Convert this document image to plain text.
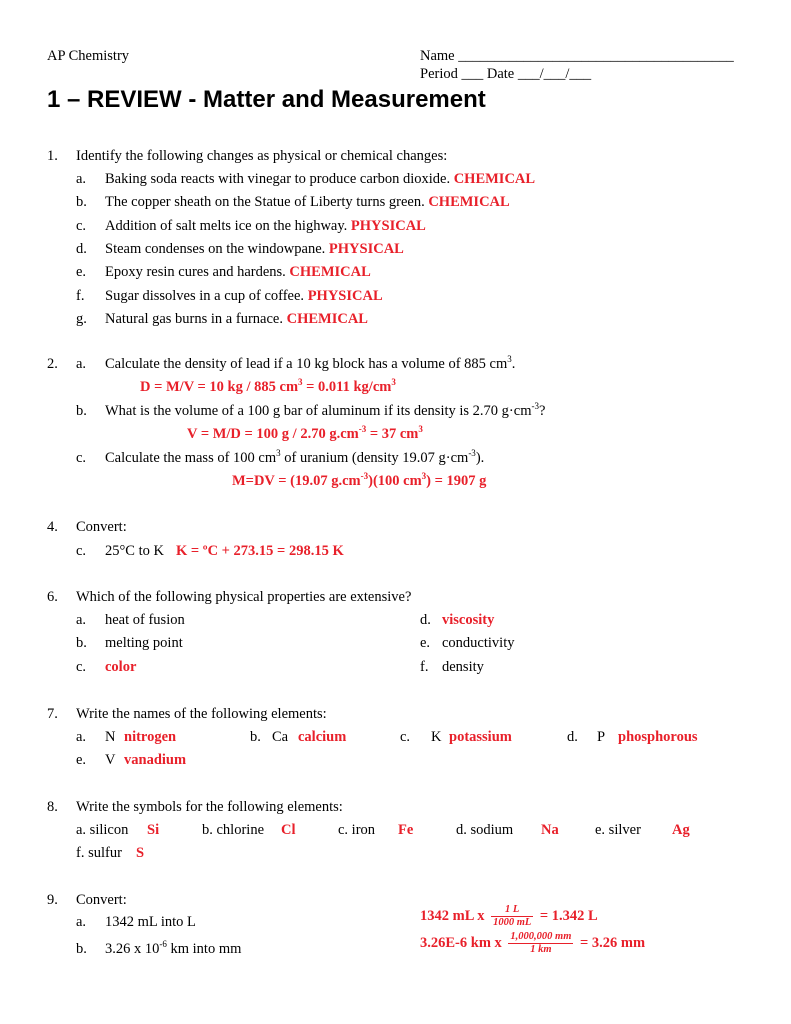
AP Chemistry	Name ______________________________________
Period ___ Date ___/___/___
1 – REVIEW - Matter and Measurement
1. Identify the following changes as physical or chemical changes:
a. Baking soda reacts with vinegar to produce carbon dioxide. CHEMICAL
b. The copper sheath on the Statue of Liberty turns green. CHEMICAL
c. Addition of salt melts ice on the highway. PHYSICAL
d. Steam condenses on the windowpane. PHYSICAL
e. Epoxy resin cures and hardens. CHEMICAL
f. Sugar dissolves in a cup of coffee. PHYSICAL
g. Natural gas burns in a furnace. CHEMICAL
2. a. Calculate the density of lead if a 10 kg block has a volume of 885 $cm^3$.
D = M/V = 10 kg / 885 $cm^3 = 0.011$ $kg/cm^3$
b. What is the volume of a 100 g bar of aluminum if its density is 2.70 $g\cdot cm^{-3}$?
V = M/D = 100 g / 2.70 $g.cm^{-3} = 37$ $cm^3$
c. Calculate the mass of 100 $cm^3$ of uranium (density 19.07 $g\cdot cm^{-3}$).
M=DV = (19.07 $g.cm^{-3})(100$ $cm^3) = 1907$ g
4. Convert:
c. 25°C to K K = ºC + 273.15 = 298.15 K
6. Which of the following physical properties are extensive?
a. heat of fusion
b. melting point
c. color
d. viscosity
e. conductivity
f. density
7. Write the names of the following elements:
a. N nitrogen	b. Ca calcium	c. K potassium	d. P phosphorous
e. V vanadium
8. Write the symbols for the following elements:
a. silicon Si	b. chlorine Cl	c. iron Fe	d. sodium Na	e. silver Ag
f. sulfur S
9. Convert:
a. 1342 mL into L	1342 mL x $\frac{1 L}{1000 mL} = 1.342$ L
b. 3.26 x $10^{-6}$ km into mm	3.26E-6 km x $\frac{1,000,000 mm}{1 km} = 3.26$ mm
